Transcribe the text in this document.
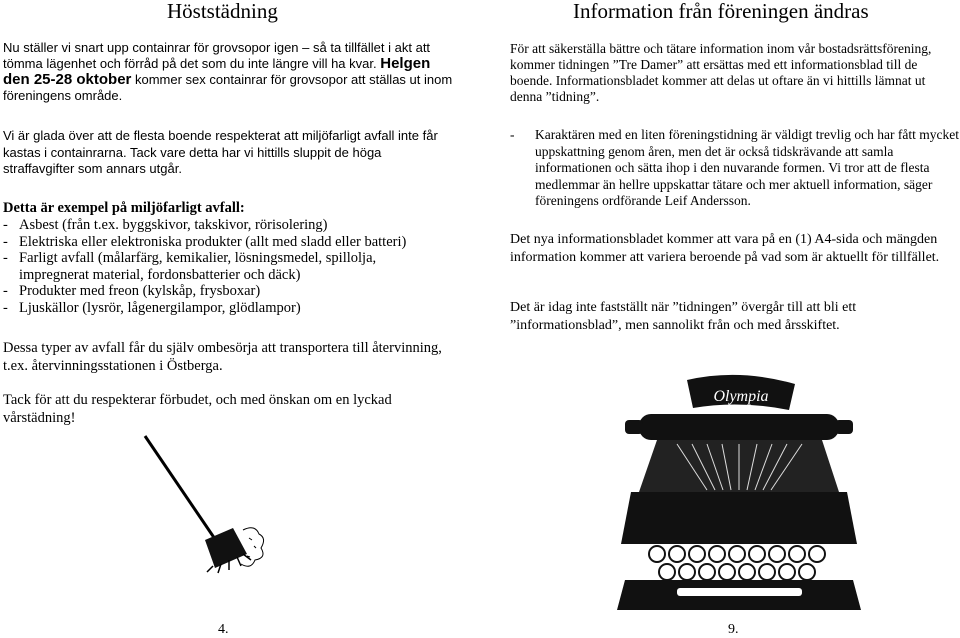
Höststädning

Nu ställer vi snart upp containrar för grovsopor igen – så ta tillfället i akt att tömma lägenhet och förråd på det som du inte längre vill ha kvar. Helgen den 25-28 oktober kommer sex containrar för grovsopor att ställas ut inom föreningens område.

Vi är glada över att de flesta boende respekterat att miljöfarligt avfall inte får kastas i containrarna. Tack vare detta har vi hittills sluppit de höga straffavgifter som annars utgår.

Detta är exempel på miljöfarligt avfall:

- Asbest (från t.ex. byggskivor, takskivor, rörisolering)
- Elektriska eller elektroniska produkter (allt med sladd eller batteri)
- Farligt avfall (målarfärg, kemikalier, lösningsmedel, spillolja,
impregnerat material, fordonsbatterier och däck)
- Produkter med freon (kylskåp, frysboxar)
- Ljuskällor (lysrör, lågenergilampor, glödlampor)

Dessa typer av avfall får du själv ombesörja att transportera till återvinning, t.ex. återvinningsstationen i Östberga.

Tack för att du respekterar förbudet, och med önskan om en lyckad vårstädning!

4.
Information från föreningen ändras

För att säkerställa bättre och tätare information inom vår bostadsrättsförening, kommer tidningen ”Tre Damer” att ersättas med ett informationsblad till de boende. Informationsbladet kommer att delas ut oftare än vi hittills lämnat ut denna ”tidning”.

-	Karaktären med en liten föreningstidning är väldigt trevlig och har fått mycket uppskattning genom åren, men det är också tidskrävande att samla informationen och sätta ihop i den nuvarande formen. Vi tror att de flesta medlemmar än hellre uppskattar tätare och mer aktuell information, säger föreningens ordförande Leif Andersson.

Det nya informationsbladet kommer att vara på en (1) A4-sida och mängden information kommer att variera beroende på vad som är aktuellt för tillfället.

Det är idag inte fastställt när ”tidningen” övergår till att bli ett ”informationsblad”, men sannolikt från och med årsskiftet.

Olympia
9.
